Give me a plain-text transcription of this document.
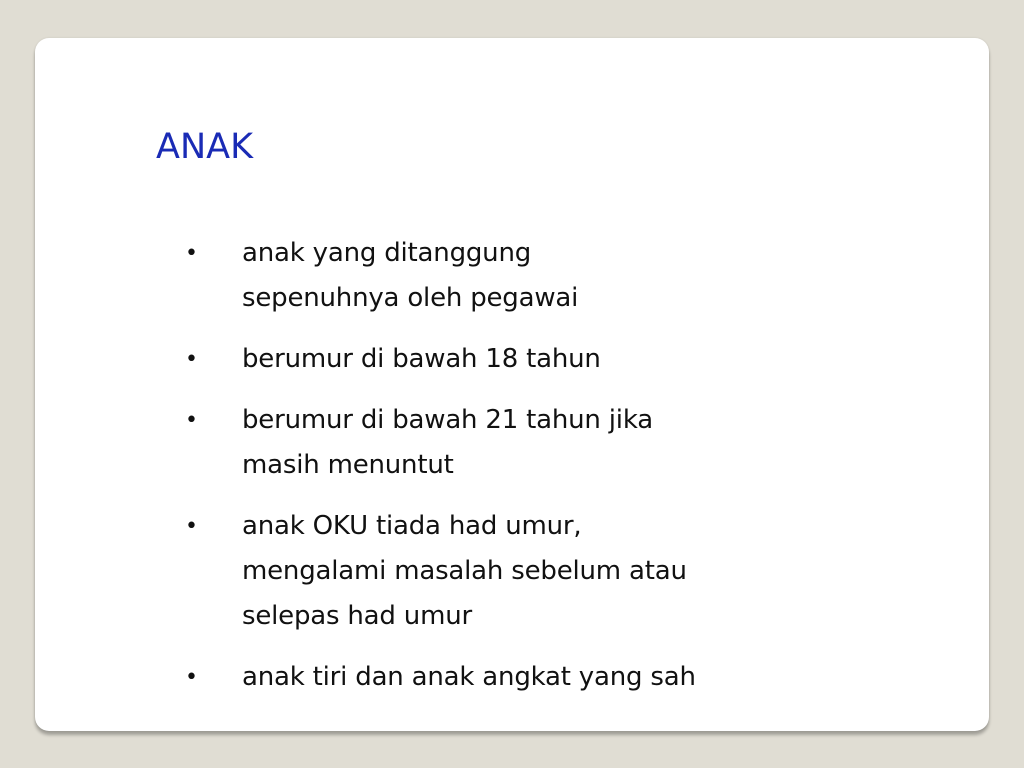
ANAK
• anak yang ditanggung
sepenuhnya oleh pegawai
• berumur di bawah 18 tahun
• berumur di bawah 21 tahun jika
masih menuntut
• anak OKU tiada had umur,
mengalami masalah sebelum atau
selepas had umur
• anak tiri dan anak angkat yang sah
